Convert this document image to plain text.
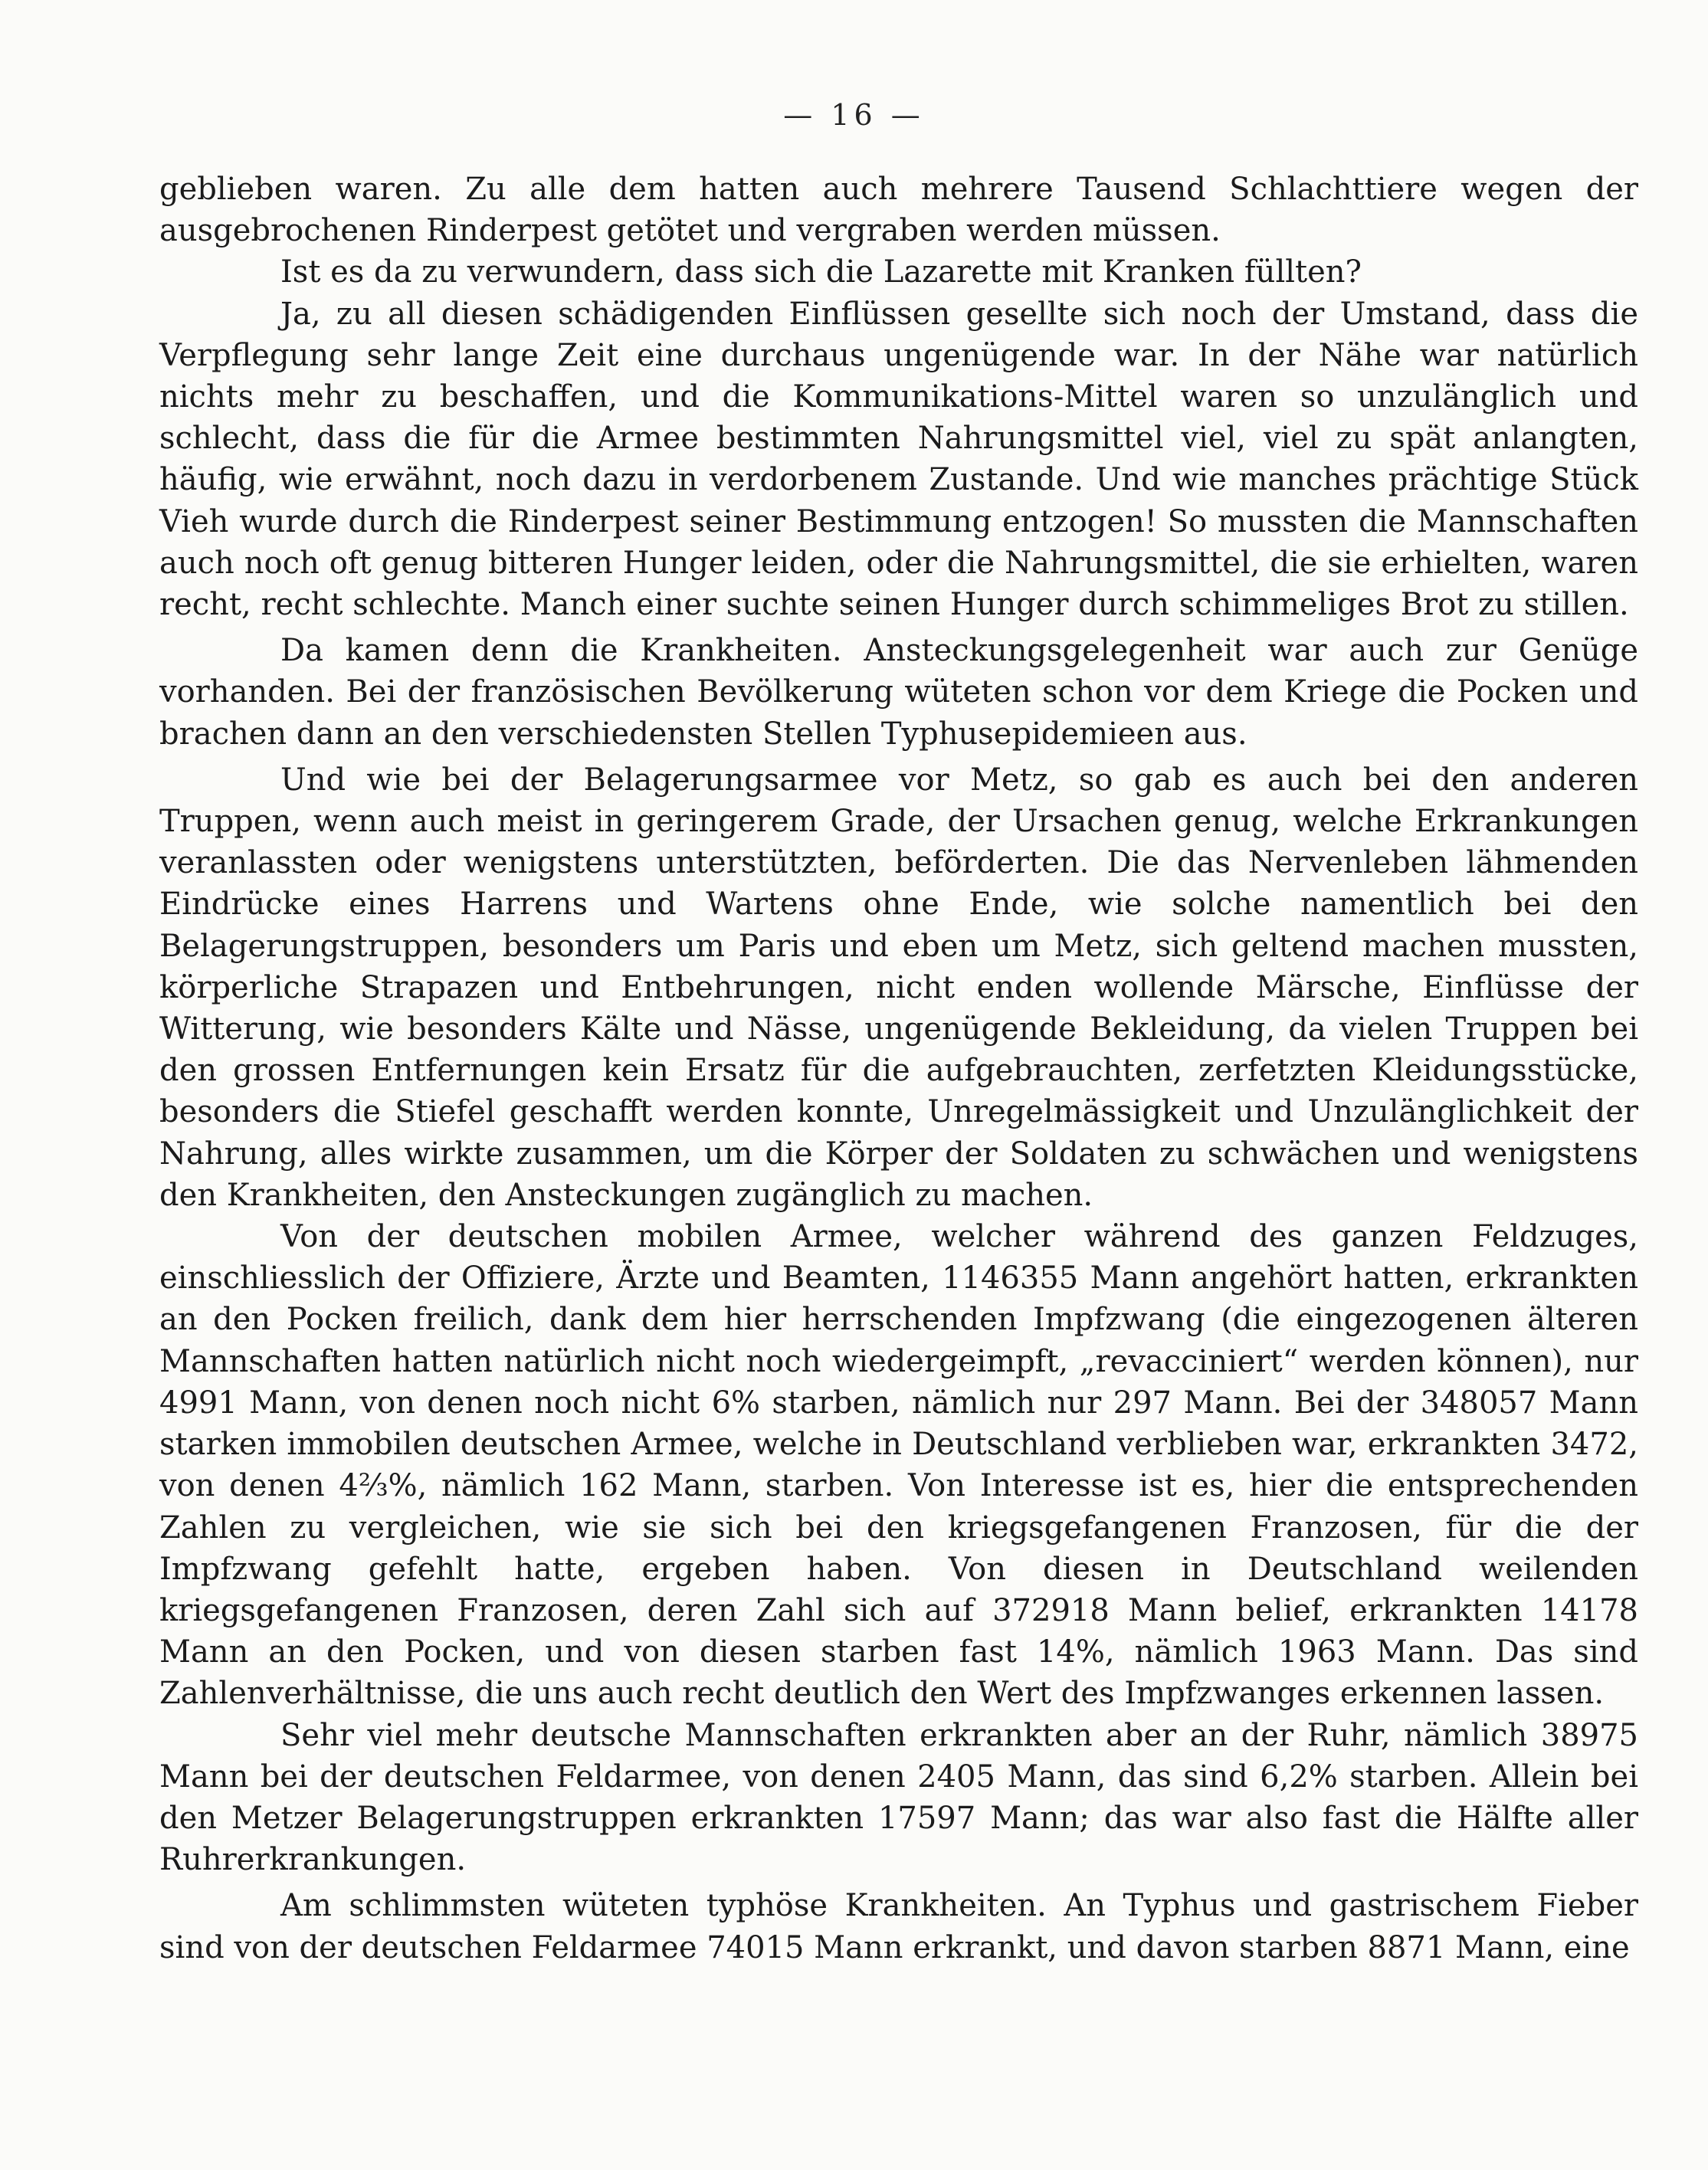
— 16 —

geblieben waren. Zu alle dem hatten auch mehrere Tausend Schlachttiere wegen der ausgebrochenen Rinderpest getötet und vergraben werden müssen.

Ist es da zu verwundern, dass sich die Lazarette mit Kranken füllten?

Ja, zu all diesen schädigenden Einflüssen gesellte sich noch der Umstand, dass die Verpflegung sehr lange Zeit eine durchaus ungenügende war. In der Nähe war natürlich nichts mehr zu beschaffen, und die Kommunikations-Mittel waren so unzulänglich und schlecht, dass die für die Armee bestimmten Nahrungsmittel viel, viel zu spät anlangten, häufig, wie erwähnt, noch dazu in verdorbenem Zustande. Und wie manches prächtige Stück Vieh wurde durch die Rinderpest seiner Bestimmung entzogen! So mussten die Mannschaften auch noch oft genug bitteren Hunger leiden, oder die Nahrungsmittel, die sie erhielten, waren recht, recht schlechte. Manch einer suchte seinen Hunger durch schimmeliges Brot zu stillen.

Da kamen denn die Krankheiten. Ansteckungsgelegenheit war auch zur Genüge vorhanden. Bei der französischen Bevölkerung wüteten schon vor dem Kriege die Pocken und brachen dann an den verschiedensten Stellen Typhusepidemieen aus.

Und wie bei der Belagerungsarmee vor Metz, so gab es auch bei den anderen Truppen, wenn auch meist in geringerem Grade, der Ursachen genug, welche Erkrankungen veranlassten oder wenigstens unterstützten, beförderten. Die das Nervenleben lähmenden Eindrücke eines Harrens und Wartens ohne Ende, wie solche namentlich bei den Belagerungstruppen, besonders um Paris und eben um Metz, sich geltend machen mussten, körperliche Strapazen und Entbehrungen, nicht enden wollende Märsche, Einflüsse der Witterung, wie besonders Kälte und Nässe, ungenügende Bekleidung, da vielen Truppen bei den grossen Entfernungen kein Ersatz für die aufgebrauchten, zerfetzten Kleidungsstücke, besonders die Stiefel geschafft werden konnte, Unregelmässigkeit und Unzulänglichkeit der Nahrung, alles wirkte zusammen, um die Körper der Soldaten zu schwächen und wenigstens den Krankheiten, den Ansteckungen zugänglich zu machen.

Von der deutschen mobilen Armee, welcher während des ganzen Feldzuges, einschliesslich der Offiziere, Ärzte und Beamten, 1146355 Mann angehört hatten, erkrankten an den Pocken freilich, dank dem hier herrschenden Impfzwang (die eingezogenen älteren Mannschaften hatten natürlich nicht noch wiedergeimpft, „revacciniert“ werden können), nur 4991 Mann, von denen noch nicht 6% starben, nämlich nur 297 Mann. Bei der 348057 Mann starken immobilen deutschen Armee, welche in Deutschland verblieben war, erkrankten 3472, von denen 4⅔%, nämlich 162 Mann, starben. Von Interesse ist es, hier die entsprechenden Zahlen zu vergleichen, wie sie sich bei den kriegsgefangenen Franzosen, für die der Impfzwang gefehlt hatte, ergeben haben. Von diesen in Deutschland weilenden kriegsgefangenen Franzosen, deren Zahl sich auf 372918 Mann belief, erkrankten 14178 Mann an den Pocken, und von diesen starben fast 14%, nämlich 1963 Mann. Das sind Zahlenverhältnisse, die uns auch recht deutlich den Wert des Impfzwanges erkennen lassen.

Sehr viel mehr deutsche Mannschaften erkrankten aber an der Ruhr, nämlich 38975 Mann bei der deutschen Feldarmee, von denen 2405 Mann, das sind 6,2% starben. Allein bei den Metzer Belagerungstruppen erkrankten 17597 Mann; das war also fast die Hälfte aller Ruhrerkrankungen.

Am schlimmsten wüteten typhöse Krankheiten. An Typhus und gastrischem Fieber sind von der deutschen Feldarmee 74015 Mann erkrankt, und davon starben 8871 Mann, eine
